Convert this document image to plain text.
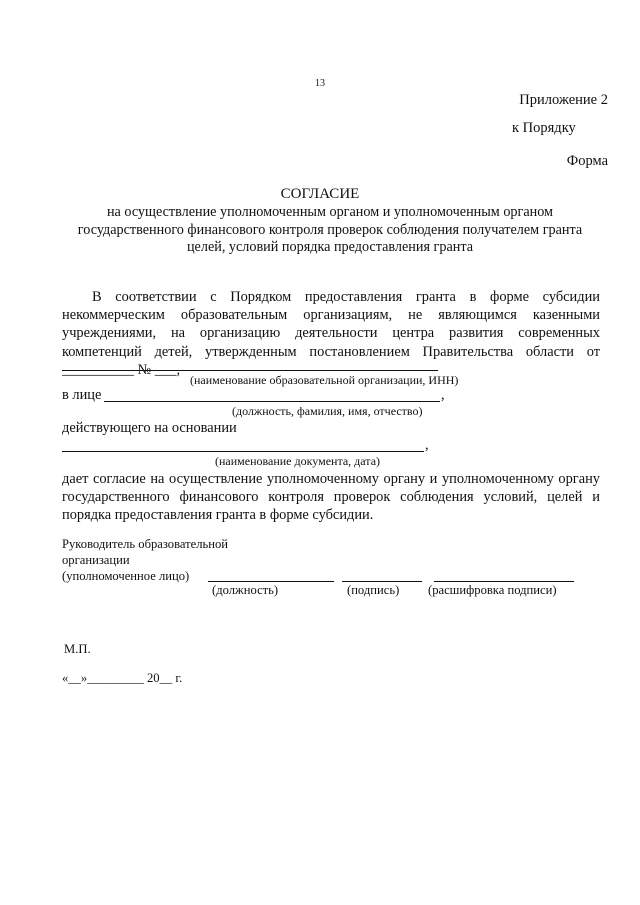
13
Приложение 2
к Порядку
Форма
СОГЛАСИЕ
на осуществление уполномоченным органом и уполномоченным органом государственного финансового контроля проверок соблюдения получателем гранта целей, условий порядка предоставления гранта
В соответствии с Порядком предоставления гранта в форме субсидии некоммерческим образовательным организациям, не являющимся казенными учреждениями, на организацию деятельности центра развития современных компетенций детей, утвержденным постановлением Правительства области от __________ № ___,
(наименование образовательной организации, ИНН)
в лице	,
(должность, фамилия, имя, отчество)
действующего на основании
,
(наименование документа, дата)
дает согласие на осуществление уполномоченному органу и уполномоченному органу государственного финансового контроля проверок соблюдения условий, целей и порядка предоставления гранта в форме субсидии.
Руководитель образовательной
организации
(уполномоченное лицо)
(должность)	(подпись) (расшифровка подписи)
М.П.
«__»_________ 20__ г.
